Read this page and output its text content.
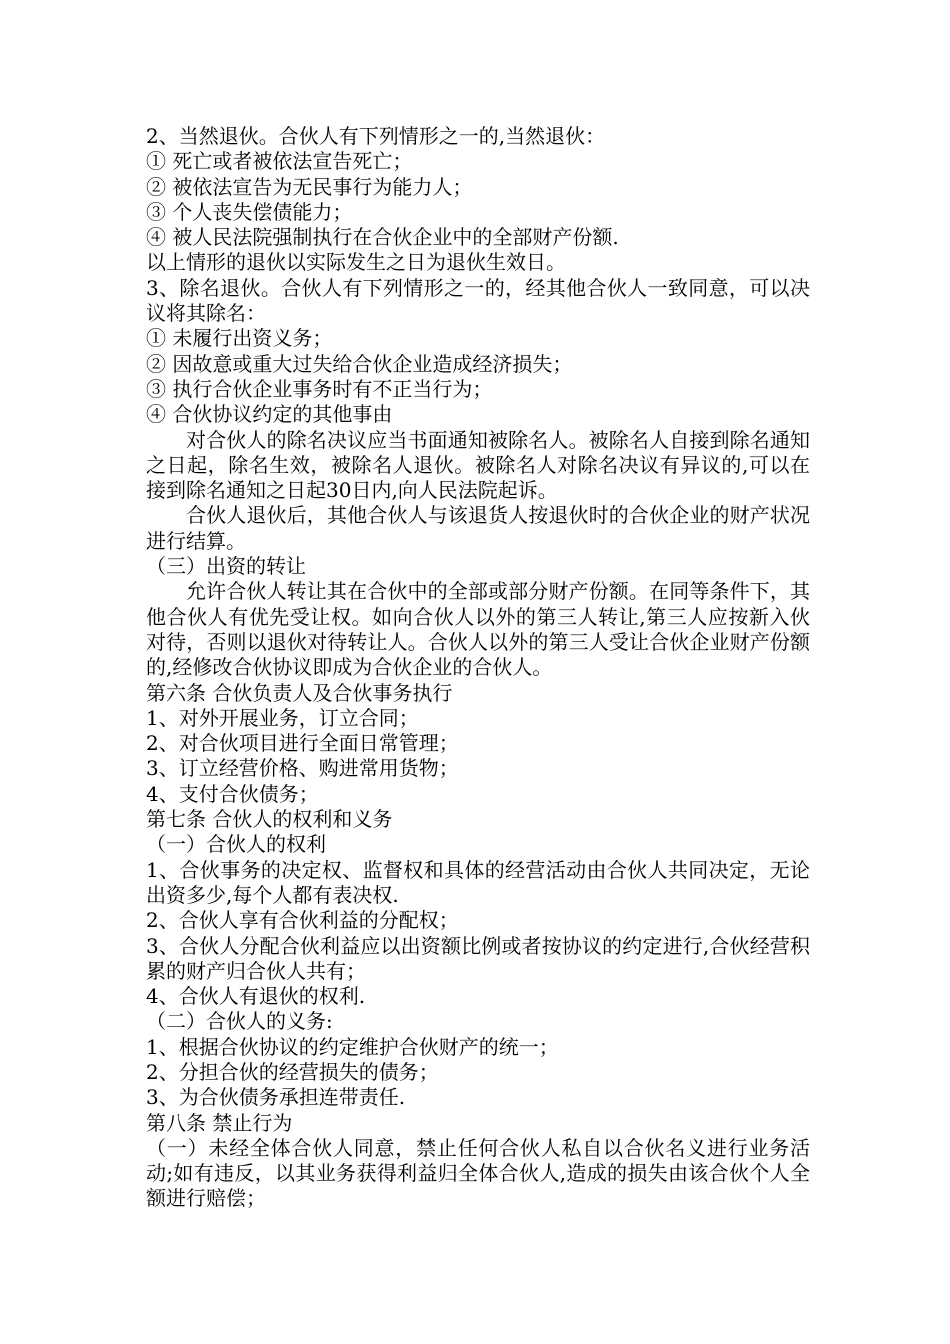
2、当然退伙。合伙人有下列情形之一的,当然退伙：

① 死亡或者被依法宣告死亡；

② 被依法宣告为无民事行为能力人；

③ 个人丧失偿债能力；

④ 被人民法院强制执行在合伙企业中的全部财产份额.

以上情形的退伙以实际发生之日为退伙生效日。

3、除名退伙。合伙人有下列情形之一的，经其他合伙人一致同意，可以决议将其除名：

① 未履行出资义务；

② 因故意或重大过失给合伙企业造成经济损失；

③ 执行合伙企业事务时有不正当行为；

④ 合伙协议约定的其他事由

对合伙人的除名决议应当书面通知被除名人。被除名人自接到除名通知之日起，除名生效，被除名人退伙。被除名人对除名决议有异议的,可以在接到除名通知之日起30日内,向人民法院起诉。

合伙人退伙后，其他合伙人与该退货人按退伙时的合伙企业的财产状况进行结算。

（三）出资的转让

允许合伙人转让其在合伙中的全部或部分财产份额。在同等条件下，其他合伙人有优先受让权。如向合伙人以外的第三人转让,第三人应按新入伙对待，否则以退伙对待转让人。合伙人以外的第三人受让合伙企业财产份额的,经修改合伙协议即成为合伙企业的合伙人。

第六条 合伙负责人及合伙事务执行

1、对外开展业务，订立合同；

2、对合伙项目进行全面日常管理；

3、订立经营价格、购进常用货物；

4、支付合伙债务；

第七条 合伙人的权利和义务

（一）合伙人的权利

1、合伙事务的决定权、监督权和具体的经营活动由合伙人共同决定，无论出资多少,每个人都有表决权.

2、合伙人享有合伙利益的分配权；

3、合伙人分配合伙利益应以出资额比例或者按协议的约定进行,合伙经营积累的财产归合伙人共有；

4、合伙人有退伙的权利.

（二）合伙人的义务:

1、根据合伙协议的约定维护合伙财产的统一；

2、分担合伙的经营损失的债务；

3、为合伙债务承担连带责任.

第八条 禁止行为

（一）未经全体合伙人同意，禁止任何合伙人私自以合伙名义进行业务活动;如有违反，以其业务获得利益归全体合伙人,造成的损失由该合伙个人全额进行赔偿；
